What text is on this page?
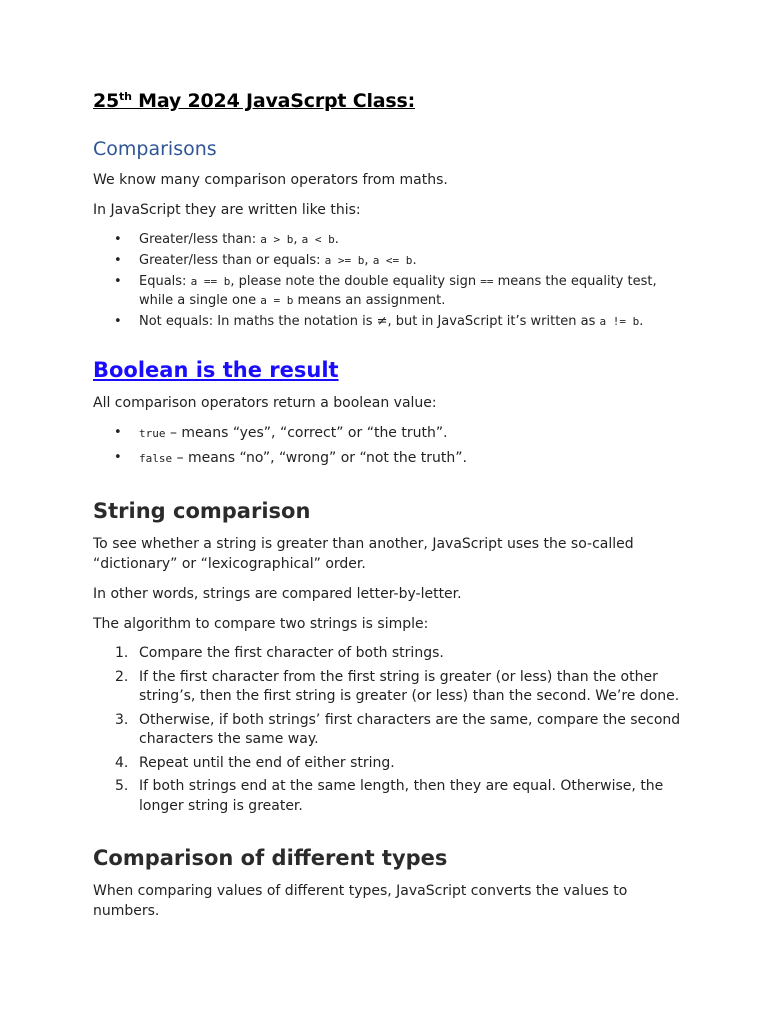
25th May 2024 JavaScrpt Class:
Comparisons

We know many comparison operators from maths.

In JavaScript they are written like this:

• Greater/less than: a > b, a < b.
• Greater/less than or equals: a >= b, a <= b.
• Equals: a == b, please note the double equality sign == means the equality test, while a single one a = b means an assignment.
• Not equals: In maths the notation is ≠, but in JavaScript it’s written as a != b.
Boolean is the result

All comparison operators return a boolean value:

• true – means “yes”, “correct” or “the truth”.
• false – means “no”, “wrong” or “not the truth”.
String comparison

To see whether a string is greater than another, JavaScript uses the so-called “dictionary” or “lexicographical” order.

In other words, strings are compared letter-by-letter.

The algorithm to compare two strings is simple:

1. Compare the first character of both strings.
2. If the first character from the first string is greater (or less) than the other string’s, then the first string is greater (or less) than the second. We’re done.
3. Otherwise, if both strings’ first characters are the same, compare the second characters the same way.
4. Repeat until the end of either string.
5. If both strings end at the same length, then they are equal. Otherwise, the longer string is greater.
Comparison of different types

When comparing values of different types, JavaScript converts the values to numbers.
